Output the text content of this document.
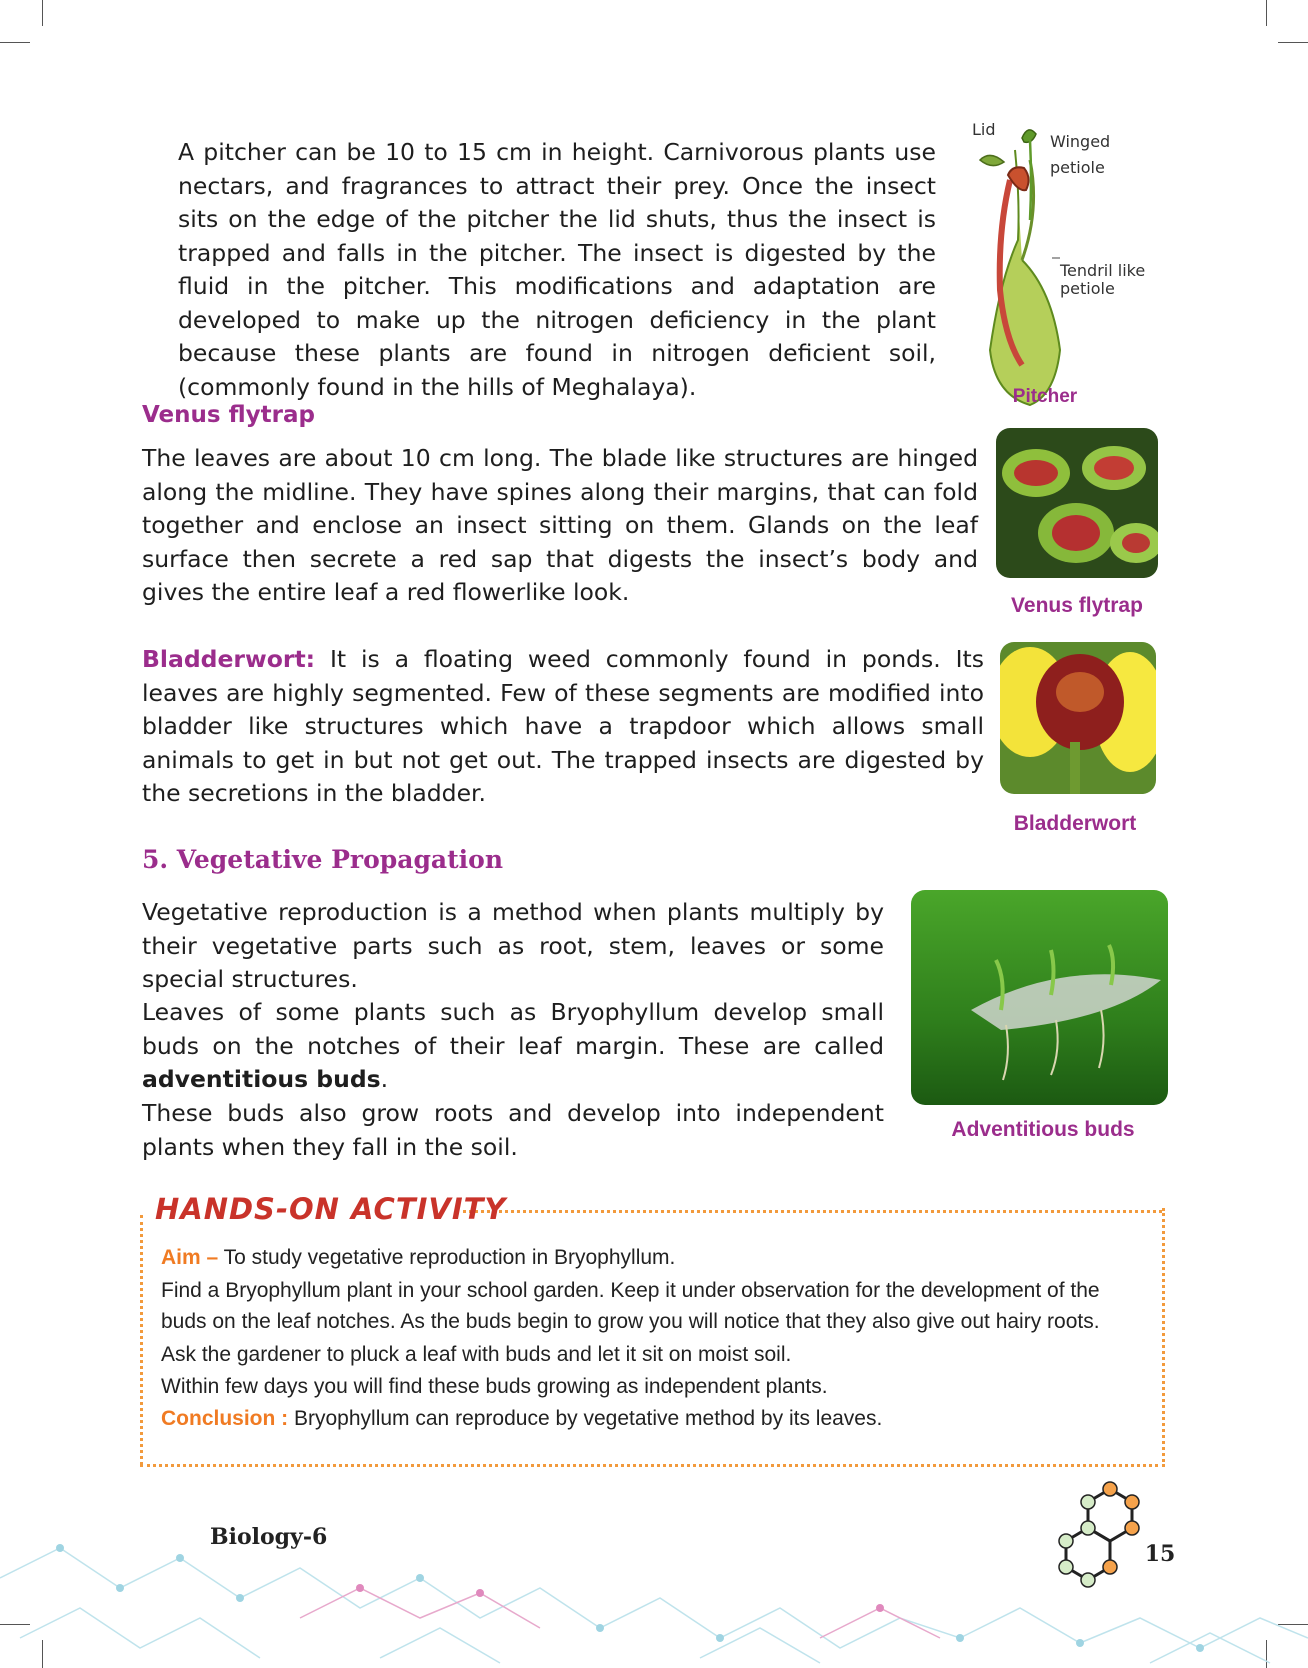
A pitcher can be 10 to 15 cm in height. Carnivorous plants use nectars, and fragrances to attract their prey. Once the insect sits on the edge of the pitcher the lid shuts, thus the insect is trapped and falls in the pitcher. The insect is digested by the fluid in the pitcher. This modifications and adaptation are developed to make up the nitrogen deficiency in the plant because these plants are found in nitrogen deficient soil, (commonly found in the hills of Meghalaya).

Lid
Winged
petiole
Tendril like
petiole
Pitcher
Venus flytrap

The leaves are about 10 cm long. The blade like structures are hinged along the midline. They have spines along their margins, that can fold together and enclose an insect sitting on them. Glands on the leaf surface then secrete a red sap that digests the insect’s body and gives the entire leaf a red flowerlike look.	Venus flytrap

Bladderwort: It is a floating weed commonly found in ponds. Its leaves are highly segmented. Few of these segments are modified into bladder like structures which have a trapdoor which allows small animals to get in but not get out. The trapped insects are digested by the secretions in the bladder.

Bladderwort
5. Vegetative Propagation

Vegetative reproduction is a method when plants multiply by their vegetative parts such as root, stem, leaves or some special structures.

Leaves of some plants such as Bryophyllum develop small buds on the notches of their leaf margin. These are called adventitious buds.

These buds also grow roots and develop into independent plants when they fall in the soil.

Adventitious buds
HANDS-ON ACTIVITY

Aim – To study vegetative reproduction in Bryophyllum.

Find a Bryophyllum plant in your school garden. Keep it under observation for the development of the

buds on the leaf notches. As the buds begin to grow you will notice that they also give out hairy roots.

Ask the gardener to pluck a leaf with buds and let it sit on moist soil.

Within few days you will find these buds growing as independent plants.

Conclusion : Bryophyllum can reproduce by vegetative method by its leaves.

Biology-6
15
